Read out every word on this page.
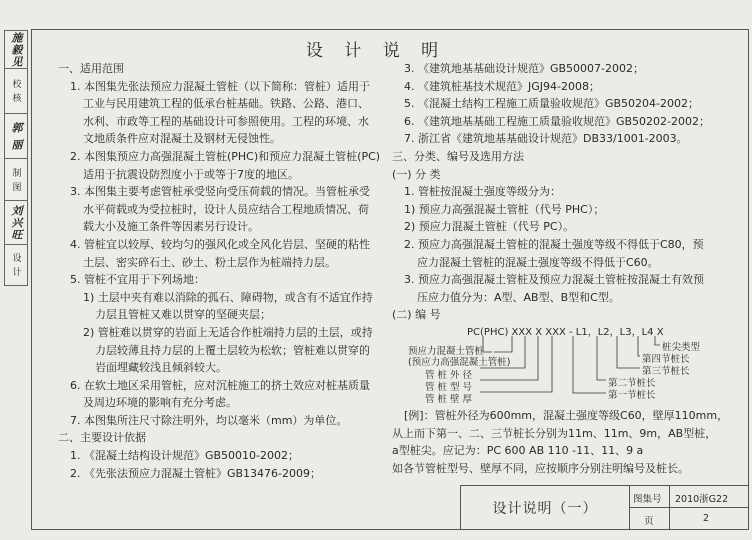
施毅见
校 核
郭 丽
制 图
刘兴旺
设 计
设 计 说 明
一、适用范围
1. 本图集先张法预应力混凝土管桩（以下简称：管桩）适用于
工业与民用建筑工程的低承台桩基础。铁路、公路、港口、
水利、市政等工程的基础设计可参照使用。工程的环境、水
文地质条件应对混凝土及钢材无侵蚀性。
2. 本图集预应力高强混凝土管桩(PHC)和预应力混凝土管桩(PC)
适用于抗震设防烈度小于或等于7度的地区。
3. 本图集主要考虑管桩承受竖向受压荷载的情况。当管桩承受
水平荷载或为受拉桩时，设计人员应结合工程地质情况、荷
载大小及施工条件等因素另行设计。
4. 管桩宜以较厚、较均匀的强风化或全风化岩层、坚硬的粘性
土层、密实碎石土、砂土、粉土层作为桩端持力层。
5. 管桩不宜用于下列场地：
1) 土层中夹有难以消除的孤石、障碍物，或含有不适宜作持
力层且管桩又难以贯穿的坚硬夹层；
2) 管桩难以贯穿的岩面上无适合作桩端持力层的土层，或持
力层较薄且持力层的上覆土层较为松软；管桩难以贯穿的
岩面埋藏较浅且倾斜较大。
6. 在软土地区采用管桩，应对沉桩施工的挤土效应对桩基质量
及周边环境的影响有充分考虑。
7. 本图集所注尺寸除注明外，均以毫米（mm）为单位。
二、主要设计依据
1. 《混凝土结构设计规范》GB50010-2002；
2. 《先张法预应力混凝土管桩》GB13476-2009；
3. 《建筑地基基础设计规范》GB50007-2002；
4. 《建筑桩基技术规范》JGJ94-2008；
5. 《混凝土结构工程施工质量验收规范》GB50204-2002；
6. 《建筑地基基础工程施工质量验收规范》GB50202-2002；
7. 浙江省《建筑地基基础设计规范》DB33/1001-2003。
三、分类、编号及选用方法
(一) 分 类
1. 管桩按混凝土强度等级分为：
1) 预应力高强混凝土管桩（代号 PHC）；
2) 预应力混凝土管桩（代号 PC）。
2. 预应力高强混凝土管桩的混凝土强度等级不得低于C80，预
应力混凝土管桩的混凝土强度等级不得低于C60。
3. 预应力高强混凝土管桩及预应力混凝土管桩按混凝土有效预
压应力值分为：A型、AB型、B型和C型。
(二) 编 号
PC(PHC) XXX X XXX - L1，L2，L3，L4 X
预应力混凝土管桩
(预应力高强混凝土管桩)
管 桩 外 径
管 桩 型 号
管 桩 壁 厚
桩尖类型
第四节桩长
第三节桩长
第二节桩长
第一节桩长
[例]：管桩外径为600mm，混凝土强度等级C60，壁厚110mm，
从上而下第一、二、三节桩长分别为11m、11m、9m，AB型桩，
a型桩尖。应记为：PC 600 AB 110 -11、11、9 a
如各节管桩型号、壁厚不同，应按顺序分别注明编号及桩长。
设计说明（一）
图集号 2010浙G22
页	2
